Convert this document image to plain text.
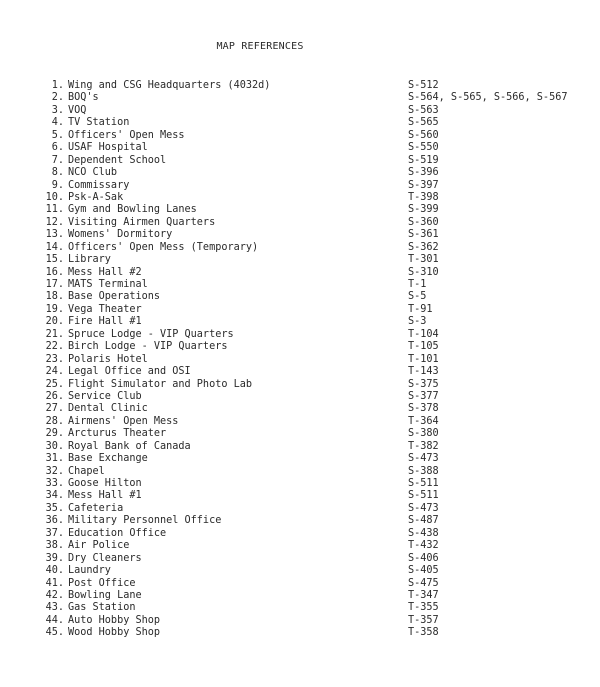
MAP REFERENCES
1. Wing and CSG Headquarters (4032d)	S-512
2. BOQ's	S-564, S-565, S-566, S-567
3. VOQ	S-563
4. TV Station	S-565
5. Officers' Open Mess	S-560
6. USAF Hospital	S-550
7. Dependent School	S-519
8. NCO Club	S-396
9. Commissary	S-397
10. Psk-A-Sak	T-398
11. Gym and Bowling Lanes	S-399
12. Visiting Airmen Quarters	S-360
13. Womens' Dormitory	S-361
14. Officers' Open Mess (Temporary)	S-362
15. Library	T-301
16. Mess Hall #2	S-310
17. MATS Terminal	T-1
18. Base Operations	S-5
19. Vega Theater	T-91
20. Fire Hall #1	S-3
21. Spruce Lodge - VIP Quarters	T-104
22. Birch Lodge - VIP Quarters	T-105
23. Polaris Hotel	T-101
24. Legal Office and OSI	T-143
25. Flight Simulator and Photo Lab	S-375
26. Service Club	S-377
27. Dental Clinic	S-378
28. Airmens' Open Mess	T-364
29. Arcturus Theater	S-380
30. Royal Bank of Canada	T-382
31. Base Exchange	S-473
32. Chapel	S-388
33. Goose Hilton	S-511
34. Mess Hall #1	S-511
35. Cafeteria	S-473
36. Military Personnel Office	S-487
37. Education Office	S-438
38. Air Police	T-432
39. Dry Cleaners	S-406
40. Laundry	S-405
41. Post Office	S-475
42. Bowling Lane	T-347
43. Gas Station	T-355
44. Auto Hobby Shop	T-357
45. Wood Hobby Shop	T-358
